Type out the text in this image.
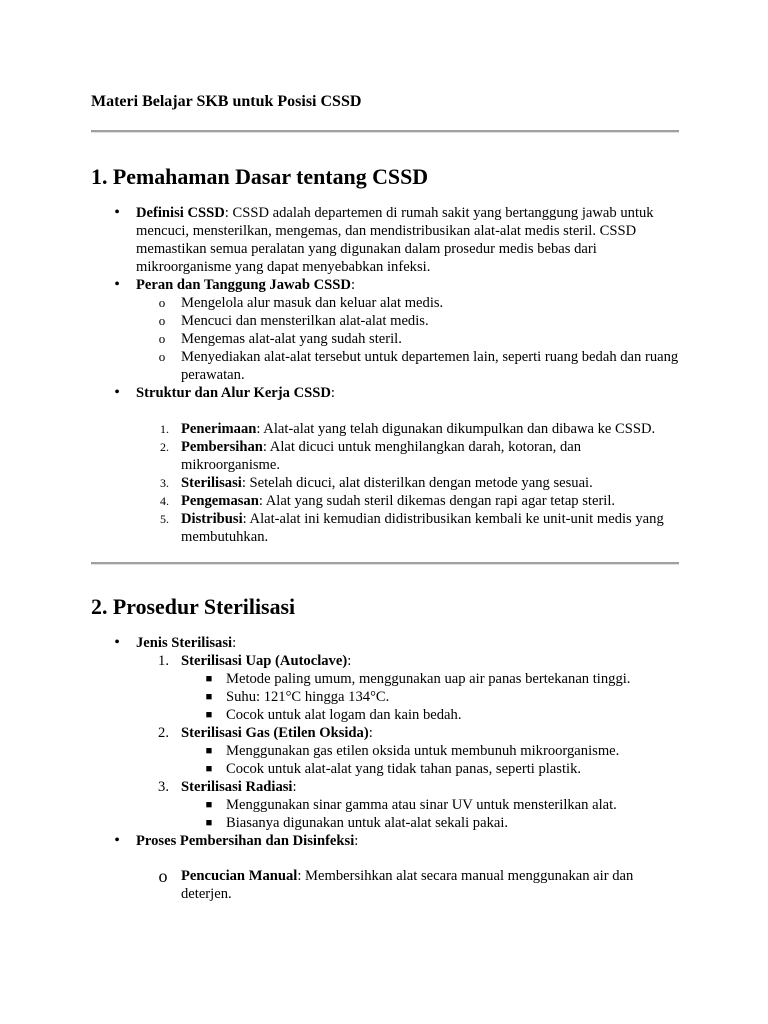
Materi Belajar SKB untuk Posisi CSSD
1. Pemahaman Dasar tentang CSSD
•	Definisi CSSD: CSSD adalah departemen di rumah sakit yang bertanggung jawab untuk mencuci, mensterilkan, mengemas, dan mendistribusikan alat-alat medis steril. CSSD memastikan semua peralatan yang digunakan dalam prosedur medis bebas dari mikroorganisme yang dapat menyebabkan infeksi.
•	Peran dan Tanggung Jawab CSSD:
o	Mengelola alur masuk dan keluar alat medis.
o	Mencuci dan mensterilkan alat-alat medis.
o	Mengemas alat-alat yang sudah steril.
o	Menyediakan alat-alat tersebut untuk departemen lain, seperti ruang bedah dan ruang perawatan.
•	Struktur dan Alur Kerja CSSD:
1. Penerimaan: Alat-alat yang telah digunakan dikumpulkan dan dibawa ke CSSD.
2. Pembersihan: Alat dicuci untuk menghilangkan darah, kotoran, dan mikroorganisme.
3. Sterilisasi: Setelah dicuci, alat disterilkan dengan metode yang sesuai.
4. Pengemasan: Alat yang sudah steril dikemas dengan rapi agar tetap steril.
5. Distribusi: Alat-alat ini kemudian didistribusikan kembali ke unit-unit medis yang membutuhkan.
2. Prosedur Sterilisasi
•	Jenis Sterilisasi:
1. Sterilisasi Uap (Autoclave):
■ Metode paling umum, menggunakan uap air panas bertekanan tinggi.
■ Suhu: 121°C hingga 134°C.
■ Cocok untuk alat logam dan kain bedah.
2. Sterilisasi Gas (Etilen Oksida):
■ Menggunakan gas etilen oksida untuk membunuh mikroorganisme.
■ Cocok untuk alat-alat yang tidak tahan panas, seperti plastik.
3. Sterilisasi Radiasi:
■ Menggunakan sinar gamma atau sinar UV untuk mensterilkan alat.
■ Biasanya digunakan untuk alat-alat sekali pakai.
•	Proses Pembersihan dan Disinfeksi:
o Pencucian Manual: Membersihkan alat secara manual menggunakan air dan deterjen.
